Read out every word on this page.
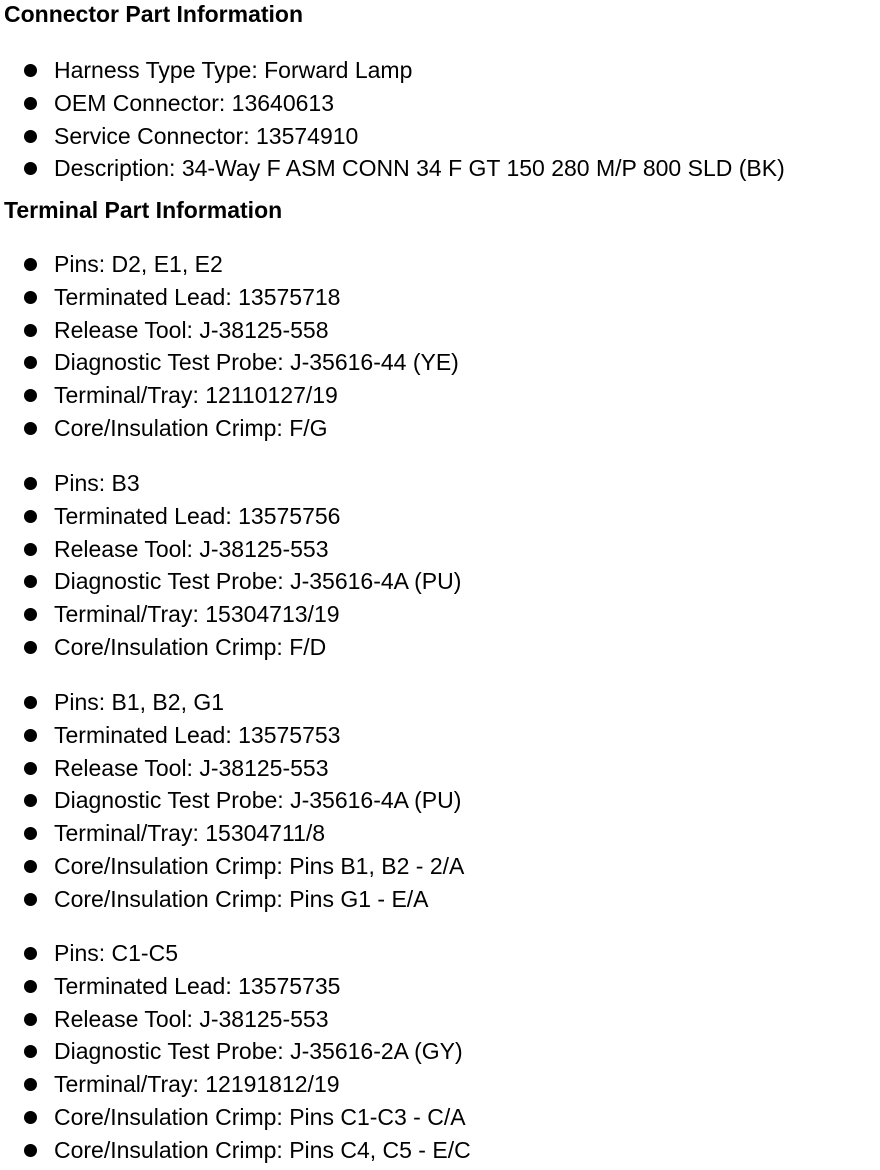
Connector Part Information
Harness Type Type: Forward Lamp
OEM Connector: 13640613
Service Connector: 13574910
Description: 34-Way F ASM CONN 34 F GT 150 280 M/P 800 SLD (BK)
Terminal Part Information
Pins: D2, E1, E2
Terminated Lead: 13575718
Release Tool: J-38125-558
Diagnostic Test Probe: J-35616-44 (YE)
Terminal/Tray: 12110127/19
Core/Insulation Crimp: F/G
Pins: B3
Terminated Lead: 13575756
Release Tool: J-38125-553
Diagnostic Test Probe: J-35616-4A (PU)
Terminal/Tray: 15304713/19
Core/Insulation Crimp: F/D
Pins: B1, B2, G1
Terminated Lead: 13575753
Release Tool: J-38125-553
Diagnostic Test Probe: J-35616-4A (PU)
Terminal/Tray: 15304711/8
Core/Insulation Crimp: Pins B1, B2 - 2/A
Core/Insulation Crimp: Pins G1 - E/A
Pins: C1-C5
Terminated Lead: 13575735
Release Tool: J-38125-553
Diagnostic Test Probe: J-35616-2A (GY)
Terminal/Tray: 12191812/19
Core/Insulation Crimp: Pins C1-C3 - C/A
Core/Insulation Crimp: Pins C4, C5 - E/C
